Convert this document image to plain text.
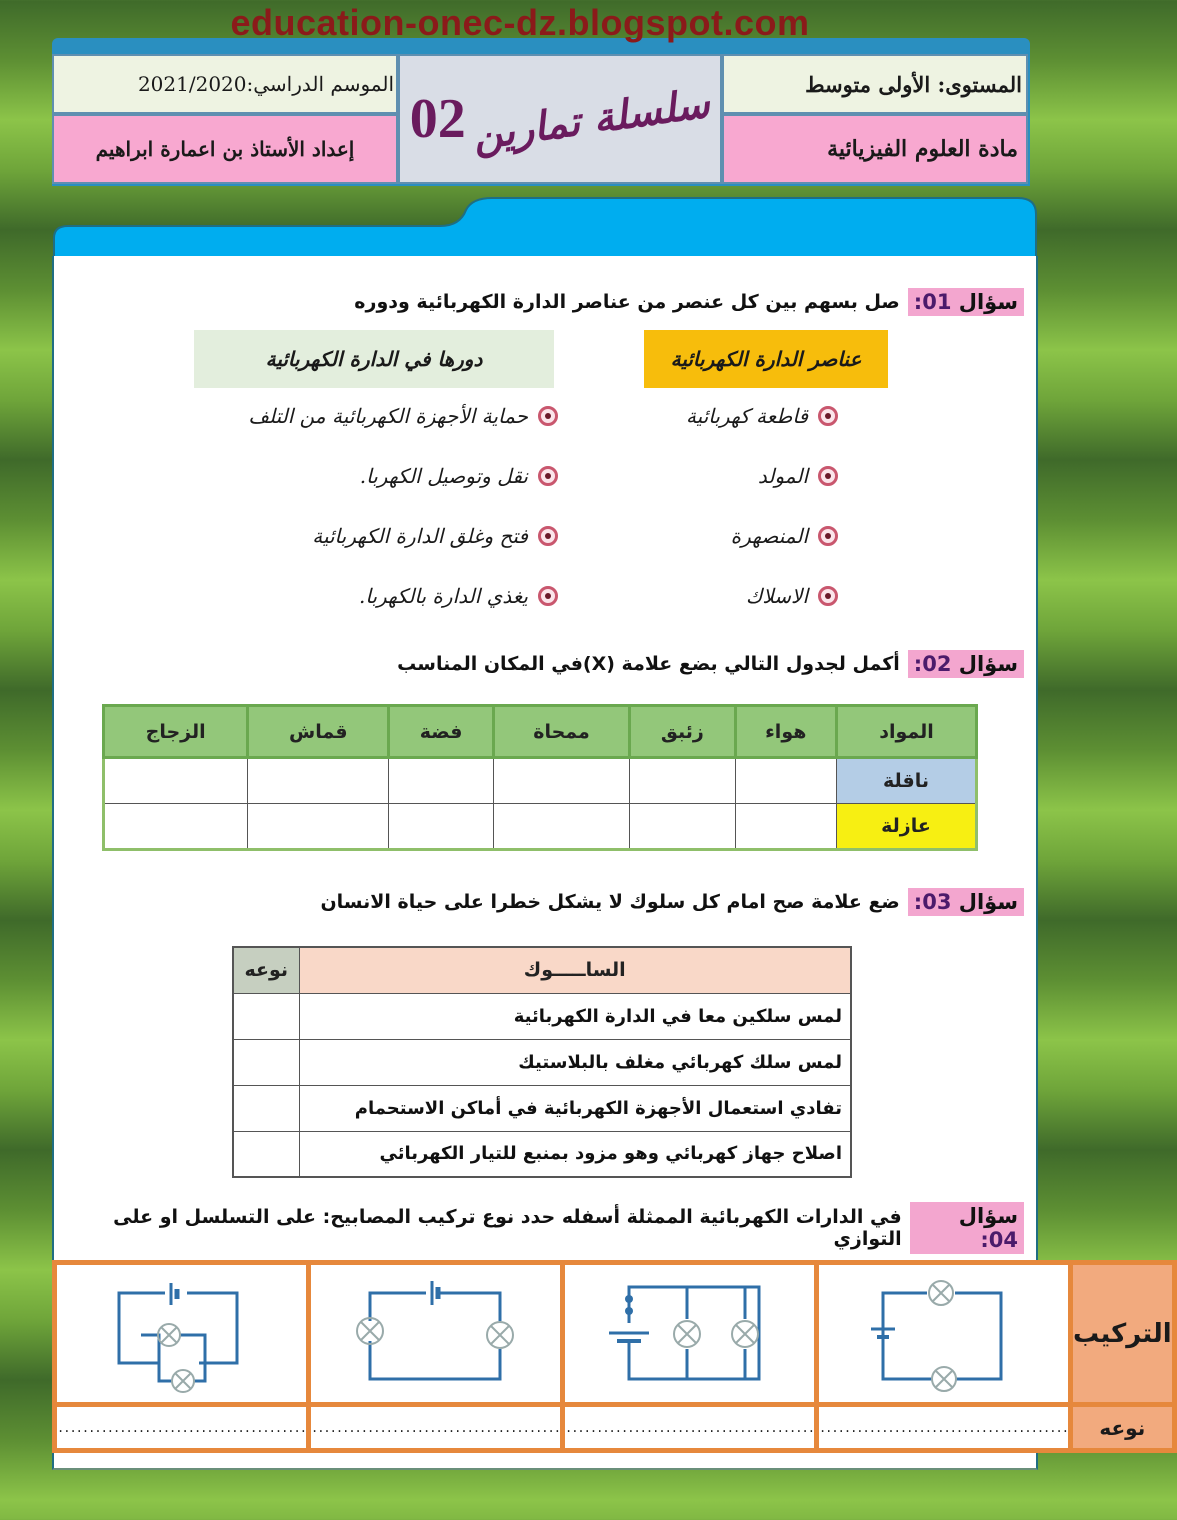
education-onec-dz.blogspot.com
المستوى: الأولى متوسط
مادة العلوم الفيزيائية
الموسم الدراسي:2021/2020
إعداد الأستاذ بن اعمارة ابراهيم	سلسلة تمارين
02
سؤال 01:
صل بسهم بين كل عنصر من عناصر الدارة الكهربائية ودوره
عناصر الدارة الكهربائية
دورها في الدارة الكهربائية
قاطعة كهربائية
المولد
المنصهرة
الاسلاك
حماية الأجهزة الكهربائية من التلف
نقل وتوصيل الكهربا.
فتح وغلق الدارة الكهربائية
يغذي الدارة بالكهربا.
سؤال 02:
أكمل لجدول التالي بضع علامة (X)في المكان المناسب
المواد	هواء	زئبق	ممحاة	فضة	قماش	الزجاج
ناقلة						
عازلة						
سؤال 03:
ضع علامة صح امام كل سلوك لا يشكل خطرا على حياة الانسان
الساـــــوك	نوعه
لمس سلكين معا في الدارة الكهربائية	
لمس سلك كهربائي مغلف بالبلاستيك	
تفادي استعمال الأجهزة الكهربائية في أماكن الاستحمام	
اصلاح جهاز كهربائي وهو مزود بمنبع للتيار الكهربائي	
سؤال 04:
في الدارات الكهربائية الممثلة أسفله حدد نوع تركيب المصابيح: على التسلسل او على التوازي
التركيب	

نوعه	........................................	........................................	........................................	........................................
